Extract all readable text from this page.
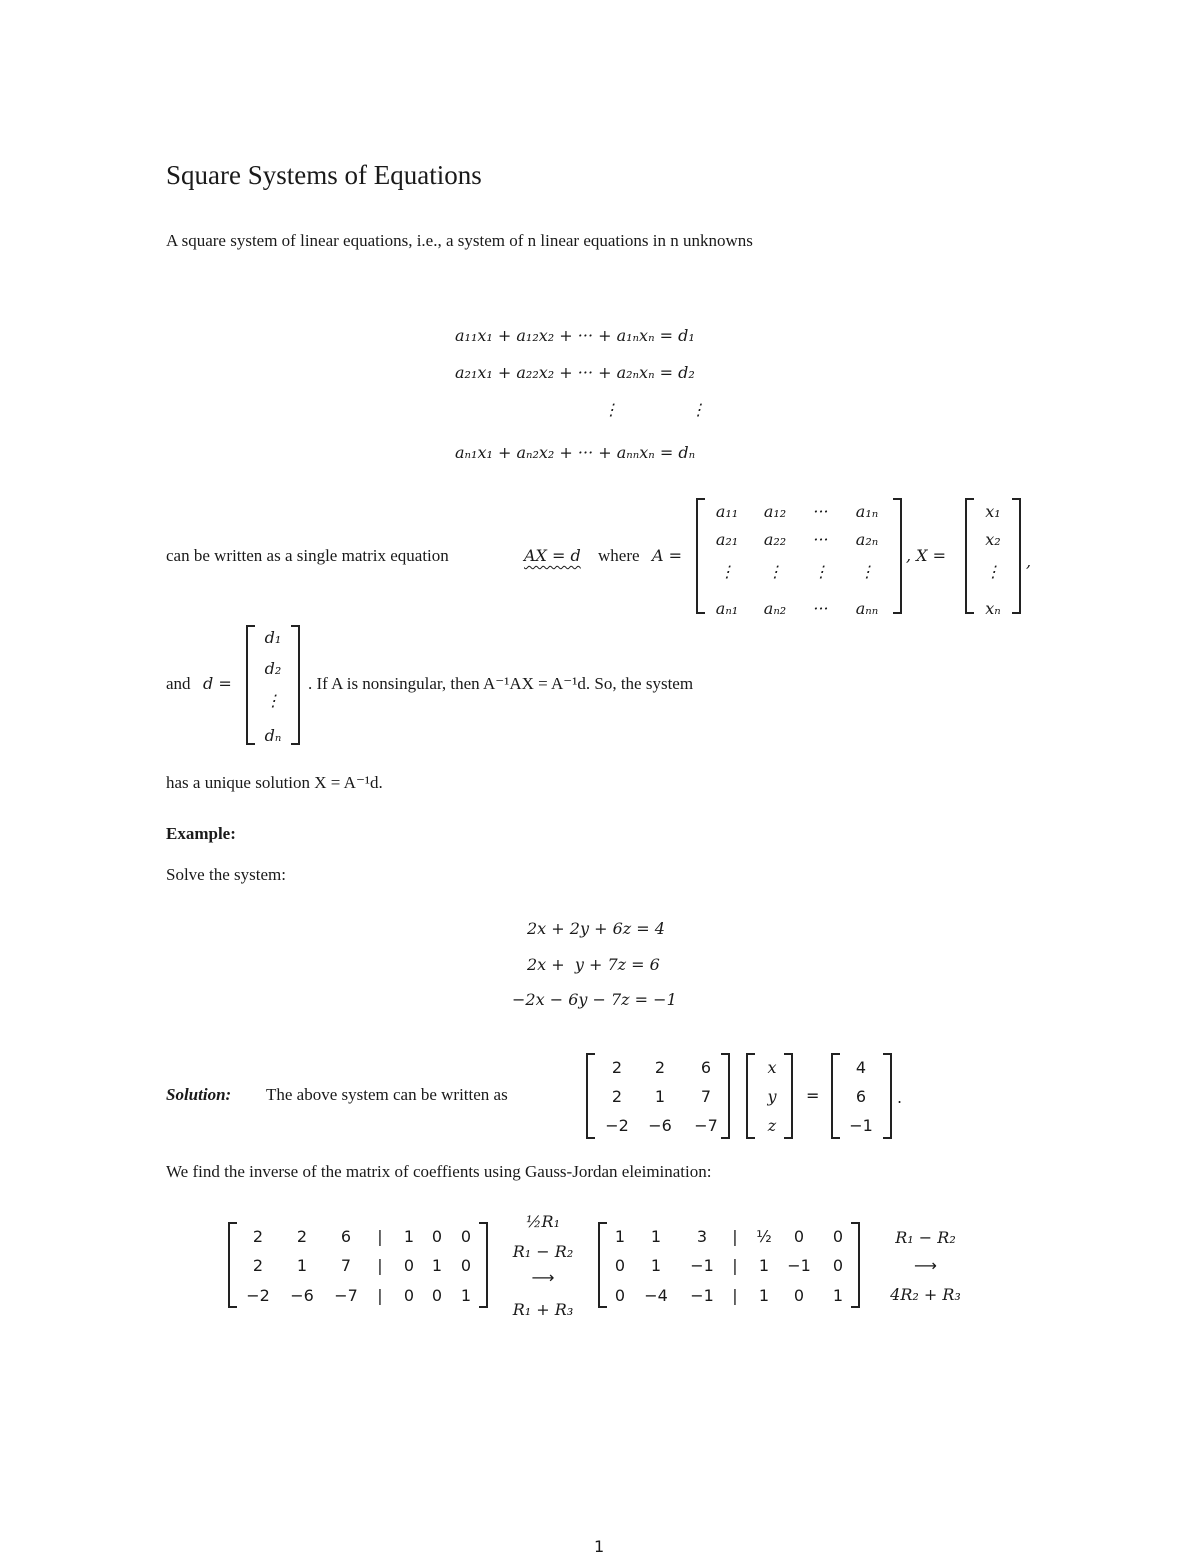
Square Systems of Equations
A square system of linear equations, i.e., a system of n linear equations in n unknowns
a₁₁x₁ + a₁₂x₂ + ··· + a₁ₙxₙ = d₁
a₂₁x₁ + a₂₂x₂ + ··· + a₂ₙxₙ = d₂
⋮              ⋮
aₙ₁x₁ + aₙ₂x₂ + ··· + aₙₙxₙ = dₙ
can be written as a single matrix equation	AX = d where A =	, X =	,
and d =	. If A is nonsingular, then A⁻¹AX = A⁻¹d. So, the system
has a unique solution X = A⁻¹d.
Example:
Solve the system:
2x + 2y + 6z = 4
2x +  y + 7z = 6
−2x − 6y − 7z = −1
Solution: The above system can be written as	=	.
We find the inverse of the matrix of coeffients using Gauss-Jordan eleimination:
½R₁
R₁ − R₂
⟶
R₁ + R₃
R₁ − R₂
⟶
4R₂ + R₃
1
a₁₁	a₁₂	···	a₁ₙ
a₂₁	a₂₂	···	a₂ₙ
⋮	⋮	⋮	⋮
aₙ₁	aₙ₂	···	aₙₙ
x₁
x₂
⋮
xₙ
d₁
d₂
⋮
dₙ
2	2	6
2	1	7
−2	−6	−7
x
y
z
4
6
−1
2	2	6	|	1	0	0
2	1	7	|	0	1	0
−2 −6 −7	|	0	0	1
1	1	3	|	½	0	0
0	1	−1	|	1	−1	0
0	−4 −1	|	1	0	1
